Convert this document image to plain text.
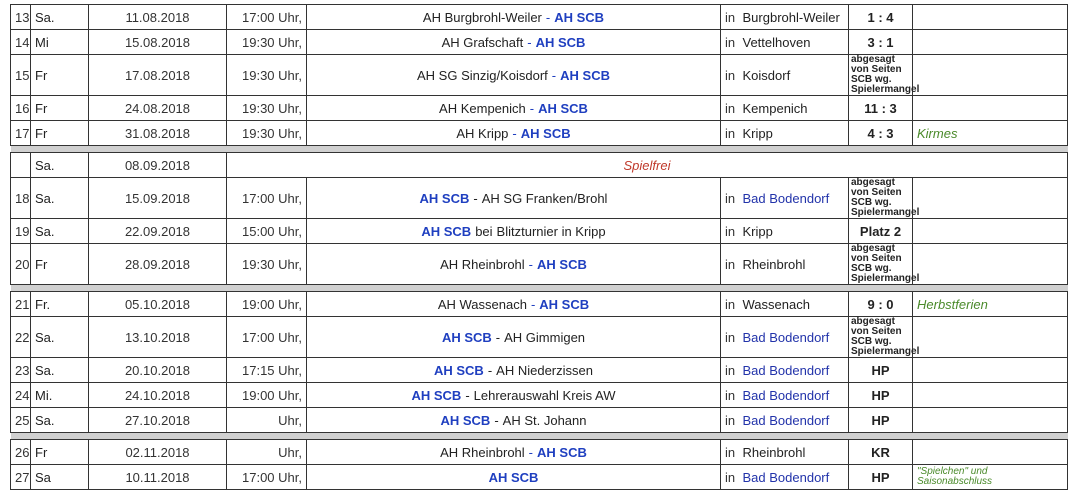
13	Sa.	11.08.2018	17:00 Uhr,	AH Burgbrohl-Weiler - AH SCB	in	Burgbrohl-Weiler	1 : 4	
14	Mi	15.08.2018	19:30 Uhr,	AH Grafschaft - AH SCB	in	Vettelhoven	3 : 1	
15	Fr	17.08.2018	19:30 Uhr,	AH SG Sinzig/Koisdorf - AH SCB	in	Koisdorf	abgesagt von Seiten SCB wg. Spielermangel	
16	Fr	24.08.2018	19:30 Uhr,	AH Kempenich - AH SCB	in	Kempenich	11 : 3	
17	Fr	31.08.2018	19:30 Uhr,	AH Kripp - AH SCB	in	Kripp	4 : 3	Kirmes

	Sa.	08.09.2018	Spielfrei					
18	Sa.	15.09.2018	17:00 Uhr,	AH SCB - AH SG Franken/Brohl	in	Bad Bodendorf	abgesagt von Seiten SCB wg. Spielermangel	
19	Sa.	22.09.2018	15:00 Uhr,	AH SCB bei Blitzturnier in Kripp	in	Kripp	Platz 2	
20	Fr	28.09.2018	19:30 Uhr,	AH Rheinbrohl - AH SCB	in	Rheinbrohl	abgesagt von Seiten SCB wg. Spielermangel	

21	Fr.	05.10.2018	19:00 Uhr,	AH Wassenach - AH SCB	in	Wassenach	9 : 0	Herbstferien
22	Sa.	13.10.2018	17:00 Uhr,	AH SCB - AH Gimmigen	in	Bad Bodendorf	abgesagt von Seiten SCB wg. Spielermangel	
23	Sa.	20.10.2018	17:15 Uhr,	AH SCB - AH Niederzissen	in	Bad Bodendorf	HP	
24	Mi.	24.10.2018	19:00 Uhr,	AH SCB - Lehrerauswahl Kreis AW	in	Bad Bodendorf	HP	
25	Sa.	27.10.2018	Uhr,	AH SCB - AH St. Johann	in	Bad Bodendorf	HP	

26	Fr	02.11.2018	Uhr,	AH Rheinbrohl - AH SCB	in	Rheinbrohl	KR	
27	Sa	10.11.2018	17:00 Uhr,	AH SCB	in	Bad Bodendorf	HP	"Spielchen" und Saisonabschluss
